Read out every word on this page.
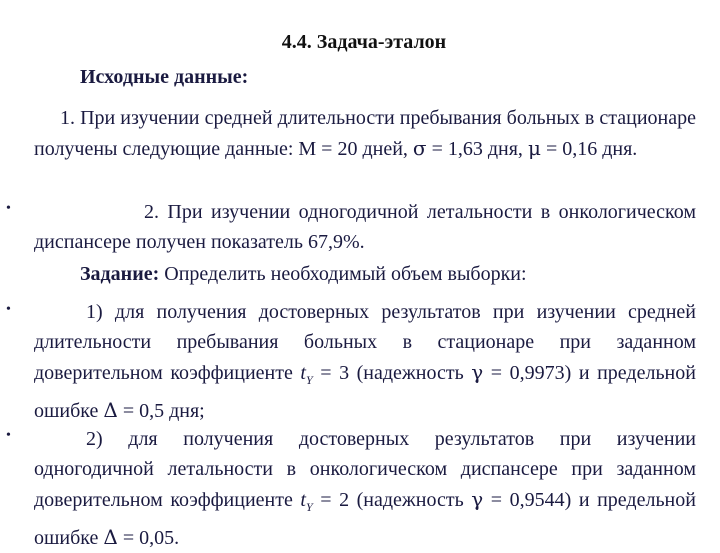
4.4. Задача-эталон
Исходные данные:
1. При изучении средней длительности пребывания больных в стационаре получены следующие данные: М = 20 дней, σ = 1,63 дня, μ = 0,16 дня.
•	2. При изучении одногодичной летальности в онкологическом диспансере получен показатель 67,9%.
Задание: Определить необходимый объем выборки:
•	1) для получения достоверных результатов при изучении средней длительности пребывания больных в стационаре при заданном доверительном коэффициенте $t_Y = 3$ (надежность γ = 0,9973) и предельной ошибке Δ = 0,5 дня;
•	2) для получения достоверных результатов при изучении одногодичной летальности в онкологическом диспансере при заданном доверительном коэффициенте $t_Y = 2$ (надежность γ = 0,9544) и предельной ошибке Δ = 0,05.
